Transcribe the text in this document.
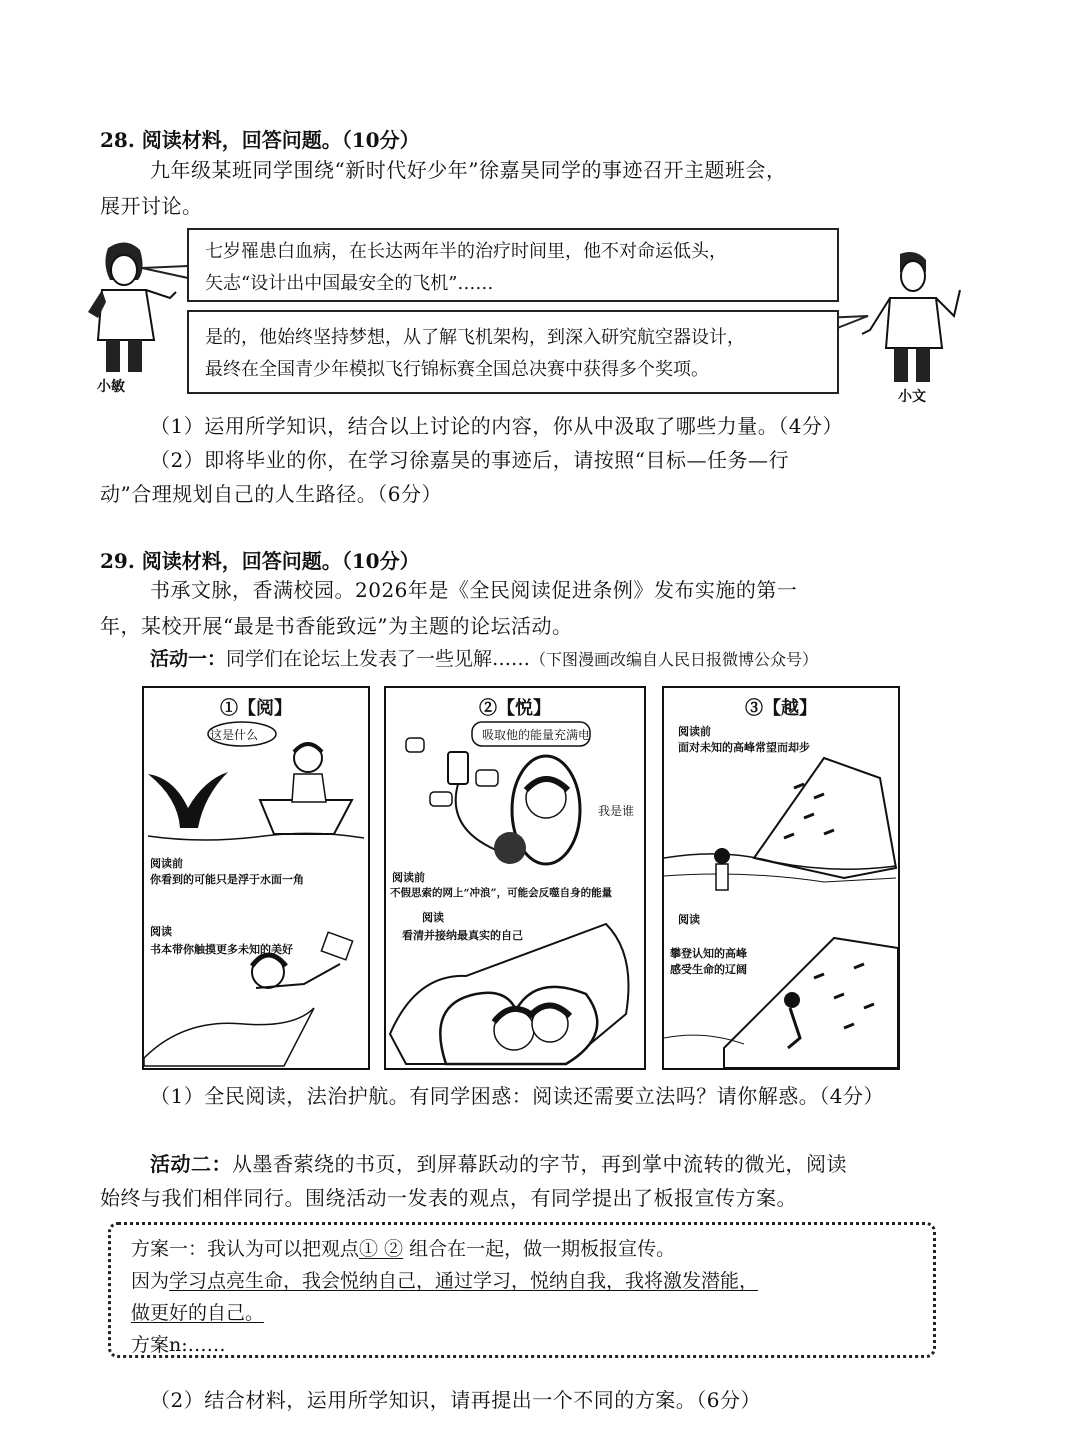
28. 阅读材料，回答问题。（10分）
九年级某班同学围绕“新时代好少年”徐嘉昊同学的事迹召开主题班会，
展开讨论。
小敏
七岁罹患白血病，在长达两年半的治疗时间里，他不对命运低头，
矢志“设计出中国最安全的飞机”……
是的，他始终坚持梦想，从了解飞机架构，到深入研究航空器设计，
最终在全国青少年模拟飞行锦标赛全国总决赛中获得多个奖项。
小文
（1）运用所学知识，结合以上讨论的内容，你从中汲取了哪些力量。（4分）
（2）即将毕业的你，在学习徐嘉昊的事迹后，请按照“目标—任务—行
动”合理规划自己的人生路径。（6分）
29. 阅读材料，回答问题。（10分）
书承文脉，香满校园。2026年是《全民阅读促进条例》发布实施的第一
年，某校开展“最是书香能致远”为主题的论坛活动。
活动一：同学们在论坛上发表了一些见解……（下图漫画改编自人民日报微博公众号）
①【阅】
这是什么
阅读前
你看到的可能只是浮于水面一角
阅读
书本带你触摸更多未知的美好
②【悦】
吸取他的能量充满电
我是谁
阅读前
不假思索的网上“冲浪”，可能会反噬自身的能量
阅读
看清并接纳最真实的自己
③【越】
阅读前
面对未知的高峰常望而却步
阅读
攀登认知的高峰
感受生命的辽阔
（1）全民阅读，法治护航。有同学困惑：阅读还需要立法吗？请你解惑。（4分）
活动二：从墨香萦绕的书页，到屏幕跃动的字节，再到掌中流转的微光，阅读
始终与我们相伴同行。围绕活动一发表的观点，有同学提出了板报宣传方案。
方案一：我认为可以把观点① ② 组合在一起，做一期板报宣传。
因为学习点亮生命，我会悦纳自己，通过学习，悦纳自我，我将激发潜能，
做更好的自己。
方案n:……
（2）结合材料，运用所学知识，请再提出一个不同的方案。（6分）
